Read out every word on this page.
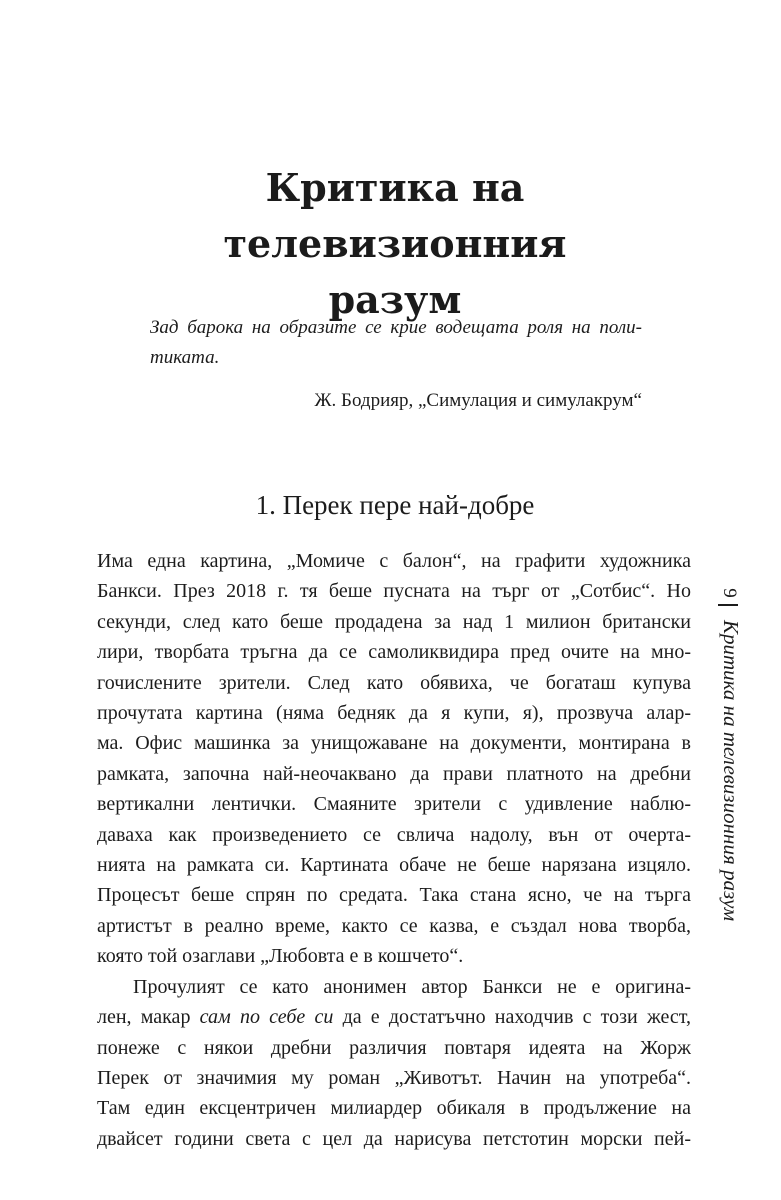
Критика на телевизионния
разум
Зад барока на образите се крие водещата роля на поли-
тиката.
Ж. Бодрияр, „Симулация и симулакрум“
1. Перек пере най-добре
Има една картина, „Момиче с балон“, на графити художника
Банкси. През 2018 г. тя беше пусната на търг от „Сотбис“. Но
секунди, след като беше продадена за над 1 милион британски
лири, творбата тръгна да се самоликвидира пред очите на мно-
гочислените зрители. След като обявиха, че богаташ купува
прочутата картина (няма бедняк да я купи, я), прозвуча алар-
ма. Офис машинка за унищожаване на документи, монтирана в
рамката, започна най-неочаквано да прави платното на дребни
вертикални лентички. Смаяните зрители с удивление наблю-
даваха как произведението се свлича надолу, вън от очерта-
нията на рамката си. Картината обаче не беше нарязана изцяло.
Процесът беше спрян по средата. Така стана ясно, че на търга
артистът в реално време, както се казва, е създал нова творба,
която той озаглави „Любовта е в кошчето“.
Прочулият се като анонимен автор Банкси не е оригина-
лен, макар сам по себе си да е достатъчно находчив с този жест,
понеже с някои дребни различия повтаря идеята на Жорж
Перек от значимия му роман „Животът. Начин на употреба“.
Там един ексцентричен милиардер обикаля в продължение на
двайсет години света с цел да нарисува петстотин морски пей-
9
Критика на телевизионния разум
